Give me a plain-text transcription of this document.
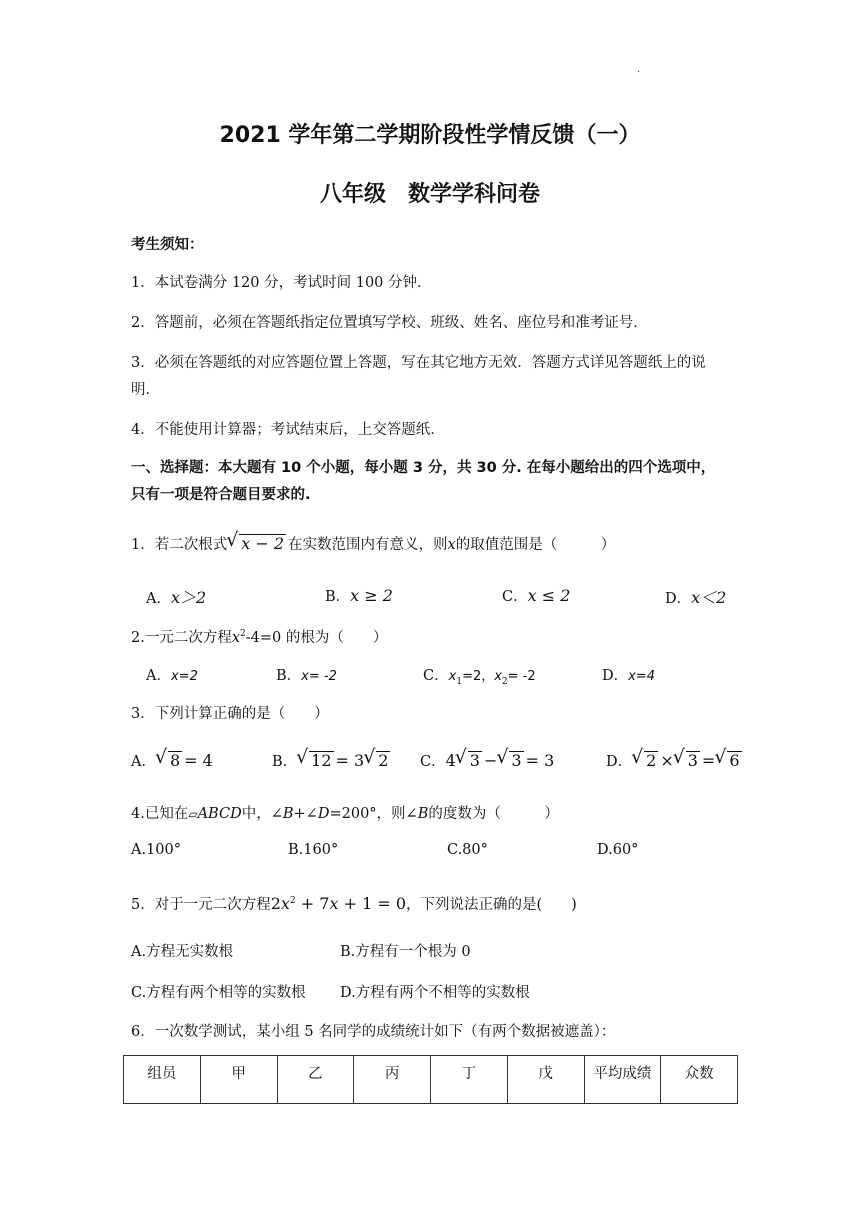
.
2021 学年第二学期阶段性学情反馈（一）
八年级　数学学科问卷
考生须知：
1．本试卷满分 120 分，考试时间 100 分钟．
2．答题前，必须在答题纸指定位置填写学校、班级、姓名、座位号和准考证号．
3．必须在答题纸的对应答题位置上答题，写在其它地方无效．答题方式详见答题纸上的说
明．
4．不能使用计算器；考试结束后，上交答题纸．
一、选择题：本大题有 10 个小题，每小题 3 分，共 30 分. 在每小题给出的四个选项中，
只有一项是符合题目要求的.
1．若二次根式 √ x − 2 在实数范围内有意义，则x的取值范围是（　　　）
A．x＞2	B．x ≥ 2	C．x ≤ 2	D．x＜2
2.一元二次方程$x^2-4=0$ 的根为（　　）
A．x=2	B．x= -2	C．$x_1=2$，$x_2= -2$	D．x=4
3．下列计算正确的是（　　）
A． √ 8 = 4	B． √ 12 = 3 √ 2 C．4 √ 3 − √ 3 = 3	D． √ 2 × √ 3 = √ 6
4.已知在▱ABCD中，∠B+∠D=200°，则∠B的度数为（　　　）
A.100°	B.160°	C.80°	D.60°
5．对于一元二次方程$2x^2 + 7x + 1 = 0$，下列说法正确的是(　　)
A.方程无实数根	B.方程有一个根为 0
C.方程有两个相等的实数根 D.方程有两个不相等的实数根
6．一次数学测试，某小组 5 名同学的成绩统计如下（有两个数据被遮盖）：
组员	甲	乙	丙	丁	戊	平均成绩	众数
